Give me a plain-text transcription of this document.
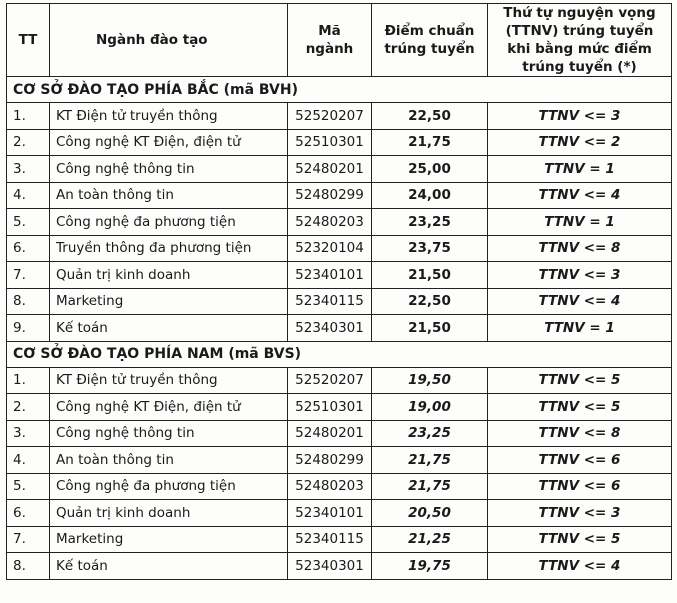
TT	Ngành đào tạo	Mã ngành	Điểm chuẩn trúng tuyển	Thứ tự nguyện vọng (TTNV) trúng tuyển khi bằng mức điểm trúng tuyển (*)
CƠ SỞ ĐÀO TẠO PHÍA BẮC (mã BVH)				
1.	KT Điện tử truyền thông	52520207	22,50	TTNV <= 3
2.	Công nghệ KT Điện, điện tử	52510301	21,75	TTNV <= 2
3.	Công nghệ thông tin	52480201	25,00	TTNV = 1
4.	An toàn thông tin	52480299	24,00	TTNV <= 4
5.	Công nghệ đa phương tiện	52480203	23,25	TTNV = 1
6.	Truyền thông đa phương tiện	52320104	23,75	TTNV <= 8
7.	Quản trị kinh doanh	52340101	21,50	TTNV <= 3
8.	Marketing	52340115	22,50	TTNV <= 4
9.	Kế toán	52340301	21,50	TTNV = 1
CƠ SỞ ĐÀO TẠO PHÍA NAM (mã BVS)				
1.	KT Điện tử truyền thông	52520207	19,50	TTNV <= 5
2.	Công nghệ KT Điện, điện tử	52510301	19,00	TTNV <= 5
3.	Công nghệ thông tin	52480201	23,25	TTNV <= 8
4.	An toàn thông tin	52480299	21,75	TTNV <= 6
5.	Công nghệ đa phương tiện	52480203	21,75	TTNV <= 6
6.	Quản trị kinh doanh	52340101	20,50	TTNV <= 3
7.	Marketing	52340115	21,25	TTNV <= 5
8.	Kế toán	52340301	19,75	TTNV <= 4
